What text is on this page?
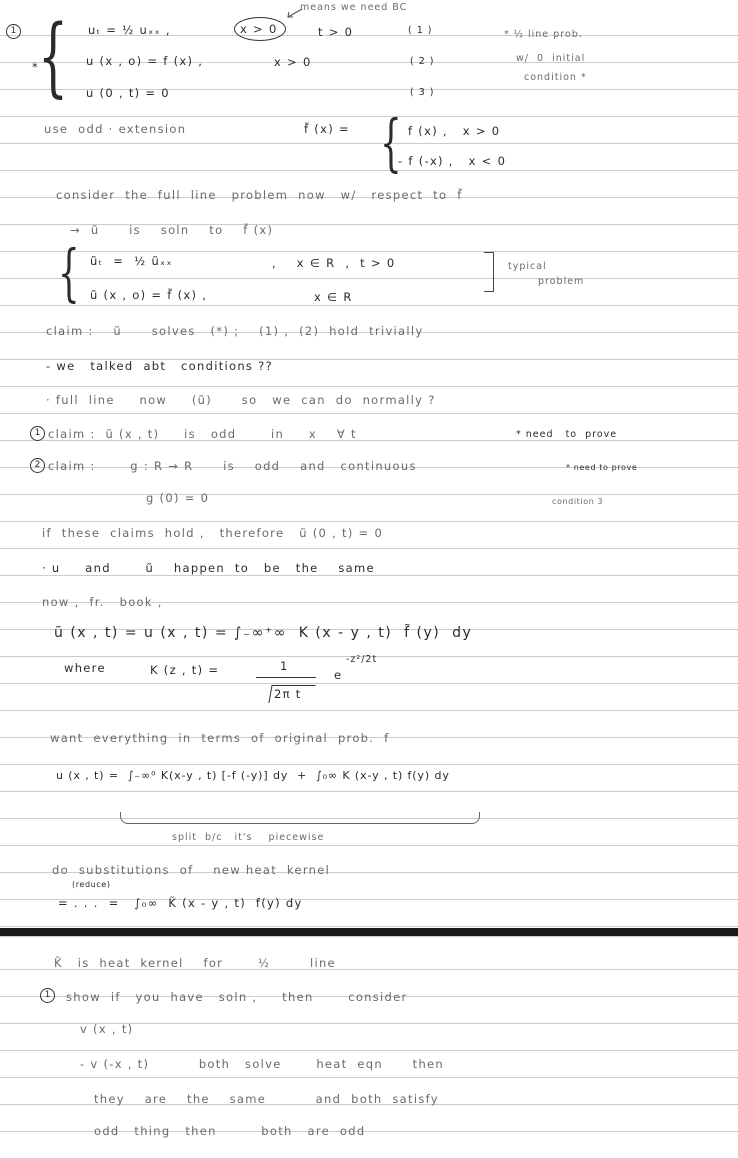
1
*
{ uₜ = ½ uₓₓ ,	x > 0	t > 0	( 1 )
means we need BC
u (x , o) = f (x) ,	x > 0	( 2 )
u (0 , t) = 0	( 3 )
* ½ line prob.
w/  0  initial
condition *
use  odd · extension	f̃ (x) = { f (x) ,   x > 0
- f (-x) ,   x < 0
consider  the  full  line   problem  now   w/   respect  to  f̃
→  ũ      is    soln    to    f̃ (x)
{ ũₜ  =  ½ ũₓₓ	,    x ∈ R  ,  t > 0
ũ (x , o) = f̃ (x) ,	x ∈ R
typical
problem
claim :    ũ      solves   (*) ;    (1) ,  (2)  hold  trivially
- we   talked  abt   conditions ??
· full  line     now     (ũ)      so   we  can  do  normally ?
1 claim :  ũ (x , t)     is   odd       in     x    ∀ t	* need   to  prove
2 claim :       g : R → R      is    odd    and   continuous	* need to prove
g (0) = 0	condition 3
if  these  claims  hold ,   therefore   ũ (0 , t) = 0
· u     and       ũ    happen  to   be   the    same
now ,  fr.   book ,
ũ (x , t) = u (x , t) = ∫₋∞⁺∞  K (x - y , t)  f̃ (y)  dy
where	K (z , t) =	1
2π t
e
-z²/2t
want  everything  in  terms  of  original  prob.  f
u (x , t) =  ∫₋∞⁰ K(x-y , t) [-f (-y)] dy  +  ∫₀∞ K (x-y , t) f(y) dy
split  b/c   it's    piecewise
do  substitutions  of    new heat  kernel
(reduce)
= . . .  =   ∫₀∞  K̃ (x - y , t)  f(y) dy
K̃   is  heat  kernel    for       ½        line
1	show  if   you  have   soln ,     then       consider
v (x , t)
- v (-x , t)          both   solve       heat  eqn      then
they    are    the    same          and  both  satisfy
odd   thing   then         both   are  odd
